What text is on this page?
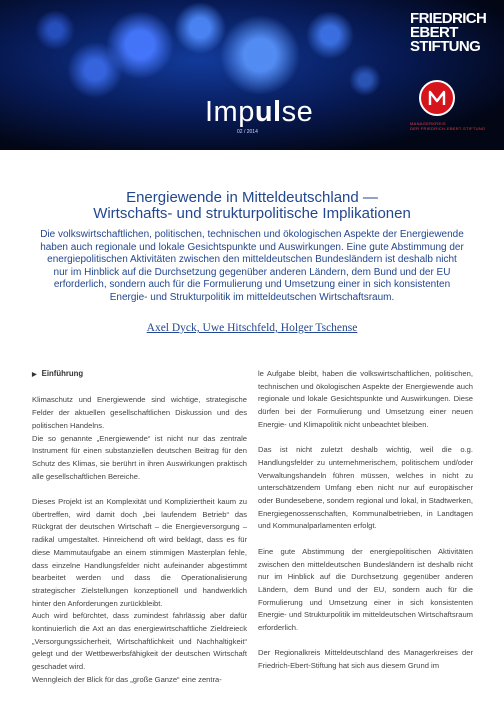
FRIEDRICH
EBERT
STIFTUNG
Impulse
02 / 2014
MANAGERKREIS
DER FRIEDRICH-EBERT-STIFTUNG
Energiewende in Mitteldeutschland —
Wirtschafts- und strukturpolitische Implikationen
Die volkswirtschaftlichen, politischen, technischen und ökologischen Aspekte der Energiewende haben auch regionale und lokale Gesichtspunkte und Auswirkungen. Eine gute Abstimmung der energiepolitischen Aktivitäten zwischen den mitteldeutschen Bundesländern ist deshalb nicht nur im Hinblick auf die Durchsetzung gegenüber anderen Ländern, dem Bund und der EU erforderlich, sondern auch für die Formulierung und Umsetzung einer in sich konsistenten Energie- und Strukturpolitik im mitteldeutschen Wirtschaftsraum.
Axel Dyck, Uwe Hitschfeld, Holger Tschense

▶ Einführung

Klimaschutz und Energiewende sind wichtige, strategische Felder der aktuellen gesellschaftlichen Diskussion und des politischen Handelns.

Die so genannte „Energiewende“ ist nicht nur das zentrale Instrument für einen substanziellen deutschen Beitrag für den Schutz des Klimas, sie berührt in ihren Auswirkungen praktisch alle gesellschaftlichen Bereiche.

Dieses Projekt ist an Komplexität und Kompliziertheit kaum zu übertreffen, wird damit doch „bei laufendem Betrieb“ das Rückgrat der deutschen Wirtschaft – die Energieversorgung – radikal umgestaltet. Hinreichend oft wird beklagt, dass es für diese Mammutaufgabe an einem stimmigen Masterplan fehle, dass einzelne Handlungsfelder nicht aufeinander abgestimmt bearbeitet werden und dass die Operationalisierung strategischer Zielstellungen konzeptionell und handwerklich hinter den Anforderungen zurückbleibt.

Auch wird befürchtet, dass zumindest fahrlässig aber dafür kontinuierlich die Axt an das energiewirtschaftliche Zieldreieck „Versorgungssicherheit, Wirtschaftlichkeit und Nachhaltigkeit“ gelegt und der Wettbewerbsfähigkeit der deutschen Wirtschaft geschadet wird.

Wenngleich der Blick für das „große Ganze“ eine zentra-

le Aufgabe bleibt, haben die volkswirtschaftlichen, politischen, technischen und ökologischen Aspekte der Energiewende auch regionale und lokale Gesichtspunkte und Auswirkungen. Diese dürfen bei der Formulierung und Umsetzung einer neuen Energie- und Klimapolitik nicht unbeachtet bleiben.

Das ist nicht zuletzt deshalb wichtig, weil die o.g. Handlungsfelder zu unternehmerischem, politischem und/oder Verwaltungshandeln führen müssen, welches in nicht zu unterschätzendem Umfang eben nicht nur auf europäischer oder Bundesebene, sondern regional und lokal, in Stadtwerken, Energiegenossenschaften, Kommunalbetrieben, in Landtagen und Kommunalparlamenten erfolgt.

Eine gute Abstimmung der energiepolitischen Aktivitäten zwischen den mitteldeutschen Bundesländern ist deshalb nicht nur im Hinblick auf die Durchsetzung gegenüber anderen Ländern, dem Bund und der EU, sondern auch für die Formulierung und Umsetzung einer in sich konsistenten Energie- und Strukturpolitik im mitteldeutschen Wirtschaftsraum erforderlich.

Der Regionalkreis Mitteldeutschland des Managerkreises der Friedrich-Ebert-Stiftung hat sich aus diesem Grund im
